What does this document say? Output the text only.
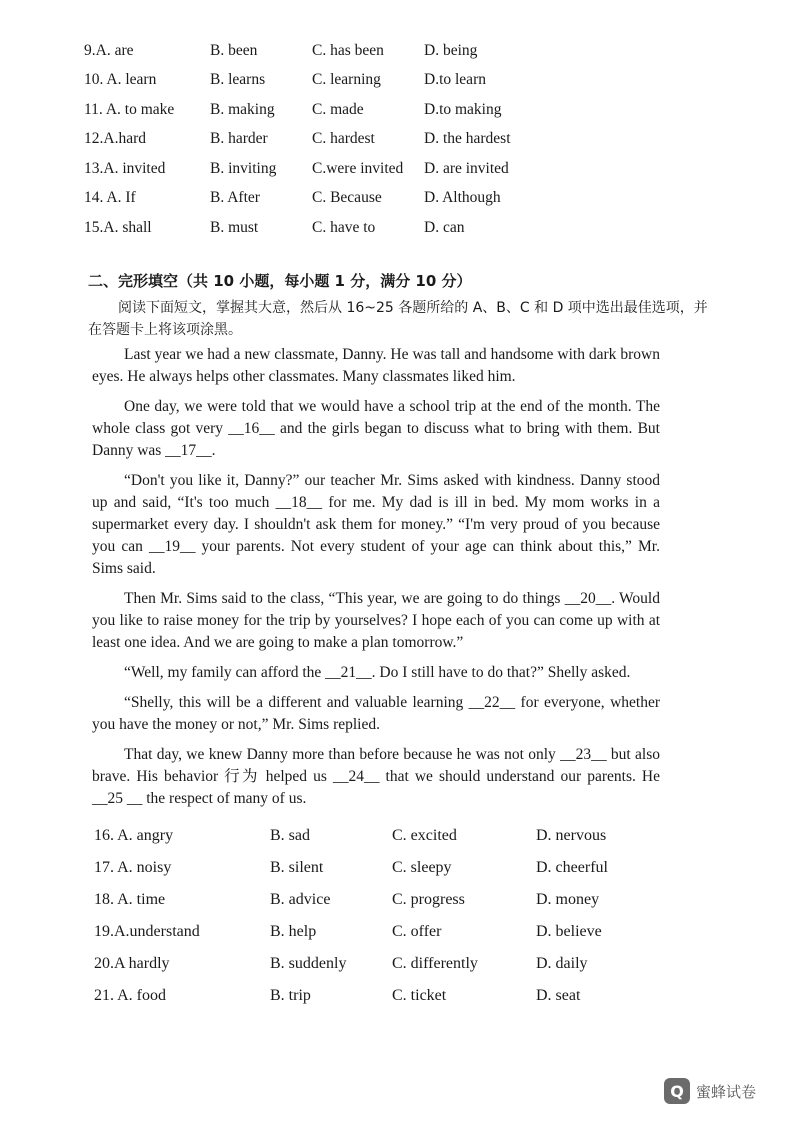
9.A. are	B. been	C. has been	D. being
10. A. learn	B. learns	C. learning	D.to learn
11. A. to make	B. making	C. made	D.to making
12.A.hard	B. harder	C. hardest	D. the hardest
13.A. invited	B. inviting	C.were invited	D. are invited
14. A. If	B. After	C. Because	D. Although
15.A. shall	B. must	C. have to	D. can

二、完形填空（共 10 小题，每小题 1 分，满分 10 分）

阅读下面短文，掌握其大意，然后从 16~25 各题所给的 A、B、C 和 D 项中选出最佳选项，并在答题卡上将该项涂黑。

Last year we had a new classmate, Danny. He was tall and handsome with dark brown eyes. He always helps other classmates. Many classmates liked him.

One day, we were told that we would have a school trip at the end of the month. The whole class got very __16__ and the girls began to discuss what to bring with them. But Danny was __17__.

“Don't you like it, Danny?” our teacher Mr. Sims asked with kindness. Danny stood up and said, “It's too much __18__ for me. My dad is ill in bed. My mom works in a supermarket every day. I shouldn't ask them for money.” “I'm very proud of you because you can __19__ your parents. Not every student of your age can think about this,” Mr. Sims said.

Then Mr. Sims said to the class, “This year, we are going to do things __20__. Would you like to raise money for the trip by yourselves? I hope each of you can come up with at least one idea. And we are going to make a plan tomorrow.”

“Well, my family can afford the __21__. Do I still have to do that?” Shelly asked.

“Shelly, this will be a different and valuable learning __22__ for everyone, whether you have the money or not,” Mr. Sims replied.

That day, we knew Danny more than before because he was not only __23__ but also brave. His behavior 行为 helped us __24__ that we should understand our parents. He __25 __ the respect of many of us.

16. A. angry	B. sad	C. excited	D. nervous
17. A. noisy	B. silent	C. sleepy	D. cheerful
18. A. time	B. advice	C. progress	D. money
19.A.understand	B. help	C. offer	D. believe
20.A hardly	B. suddenly	C. differently	D. daily
21. A. food	B. trip	C. ticket	D. seat
Q 蜜蜂试卷
